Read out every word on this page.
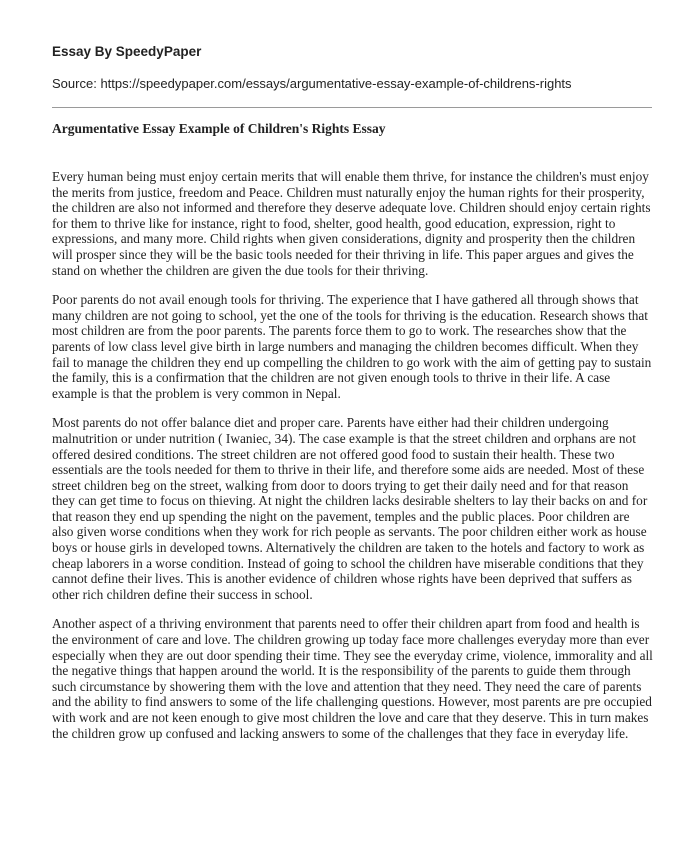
Essay By SpeedyPaper
Source: https://speedypaper.com/essays/argumentative-essay-example-of-childrens-rights
Argumentative Essay Example of Children's Rights Essay

Every human being must enjoy certain merits that will enable them thrive, for instance the children's must enjoy the merits from justice, freedom and Peace. Children must naturally enjoy the human rights for their prosperity, the children are also not informed and therefore they deserve adequate love. Children should enjoy certain rights for them to thrive like for instance, right to food, shelter, good health, good education, expression, right to expressions, and many more. Child rights when given considerations, dignity and prosperity then the children will prosper since they will be the basic tools needed for their thriving in life. This paper argues and gives the stand on whether the children are given the due tools for their thriving.

Poor parents do not avail enough tools for thriving. The experience that I have gathered all through shows that many children are not going to school, yet the one of the tools for thriving is the education. Research shows that most children are from the poor parents. The parents force them to go to work. The researches show that the parents of low class level give birth in large numbers and managing the children becomes difficult. When they fail to manage the children they end up compelling the children to go work with the aim of getting pay to sustain the family, this is a confirmation that the children are not given enough tools to thrive in their life. A case example is that the problem is very common in Nepal.

Most parents do not offer balance diet and proper care. Parents have either had their children undergoing malnutrition or under nutrition ( Iwaniec, 34). The case example is that the street children and orphans are not offered desired conditions. The street children are not offered good food to sustain their health. These two essentials are the tools needed for them to thrive in their life, and therefore some aids are needed. Most of these street children beg on the street, walking from door to doors trying to get their daily need and for that reason they can get time to focus on thieving. At night the children lacks desirable shelters to lay their backs on and for that reason they end up spending the night on the pavement, temples and the public places. Poor children are also given worse conditions when they work for rich people as servants. The poor children either work as house boys or house girls in developed towns. Alternatively the children are taken to the hotels and factory to work as cheap laborers in a worse condition. Instead of going to school the children have miserable conditions that they cannot define their lives. This is another evidence of children whose rights have been deprived that suffers as other rich children define their success in school.

Another aspect of a thriving environment that parents need to offer their children apart from food and health is the environment of care and love. The children growing up today face more challenges everyday more than ever especially when they are out door spending their time. They see the everyday crime, violence, immorality and all the negative things that happen around the world. It is the responsibility of the parents to guide them through such circumstance by showering them with the love and attention that they need. They need the care of parents and the ability to find answers to some of the life challenging questions. However, most parents are pre occupied with work and are not keen enough to give most children the love and care that they deserve. This in turn makes the children grow up confused and lacking answers to some of the challenges that they face in everyday life.
